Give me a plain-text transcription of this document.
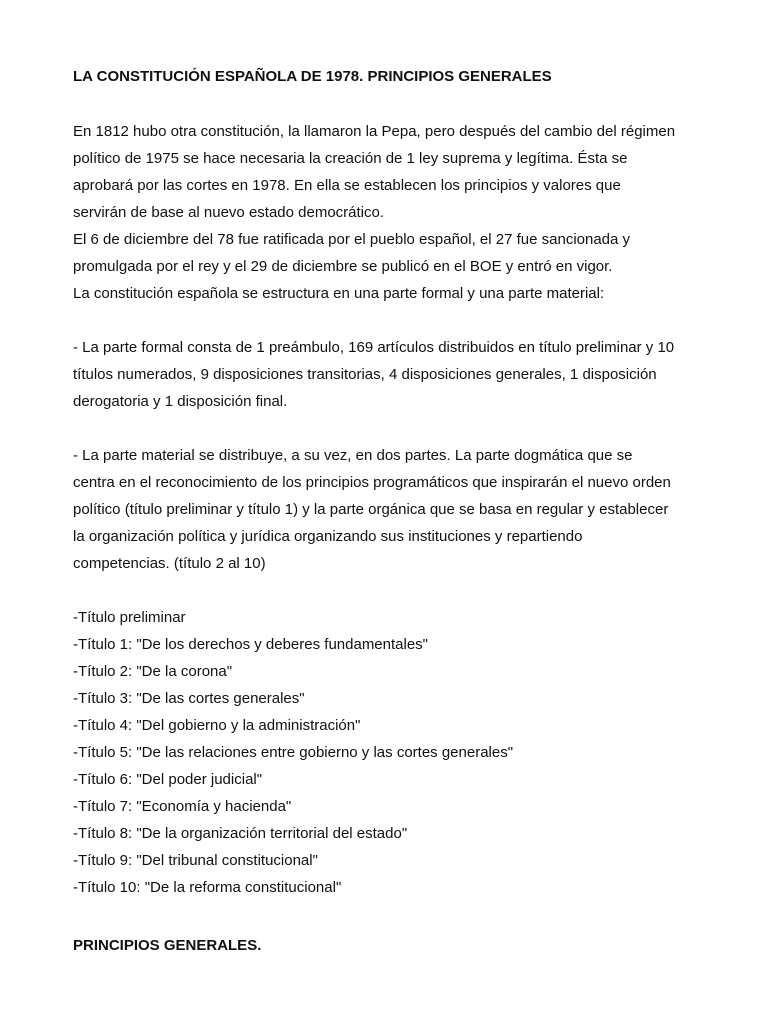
LA CONSTITUCIÓN ESPAÑOLA DE 1978. PRINCIPIOS GENERALES

En 1812 hubo otra constitución, la llamaron la Pepa, pero después del cambio del régimen

político de 1975 se hace necesaria la creación de 1 ley suprema y legítima. Ésta se

aprobará por las cortes en 1978. En ella se establecen los principios y valores que

servirán de base al nuevo estado democrático.

El 6 de diciembre del 78 fue ratificada por el pueblo español, el 27 fue sancionada y

promulgada por el rey y el 29 de diciembre se publicó en el BOE y entró en vigor.

La constitución española se estructura en una parte formal y una parte material:

- La parte formal consta de 1 preámbulo, 169 artículos distribuidos en título preliminar y 10

títulos numerados, 9 disposiciones transitorias, 4 disposiciones generales, 1 disposición

derogatoria y 1 disposición final.

- La parte material se distribuye, a su vez, en dos partes. La parte dogmática que se

centra en el reconocimiento de los principios programáticos que inspirarán el nuevo orden

político (título preliminar y título 1) y la parte orgánica que se basa en regular y establecer

la organización política y jurídica organizando sus instituciones y repartiendo

competencias. (título 2 al 10)

-Título preliminar
-Título 1: "De los derechos y deberes fundamentales"
-Título 2: "De la corona"
-Título 3: "De las cortes generales"
-Título 4: "Del gobierno y la administración"
-Título 5: "De las relaciones entre gobierno y las cortes generales"
-Título 6: "Del poder judicial"
-Título 7: "Economía y hacienda"
-Título 8: "De la organización territorial del estado"
-Título 9: "Del tribunal constitucional"
-Título 10: "De la reforma constitucional"
PRINCIPIOS GENERALES.
